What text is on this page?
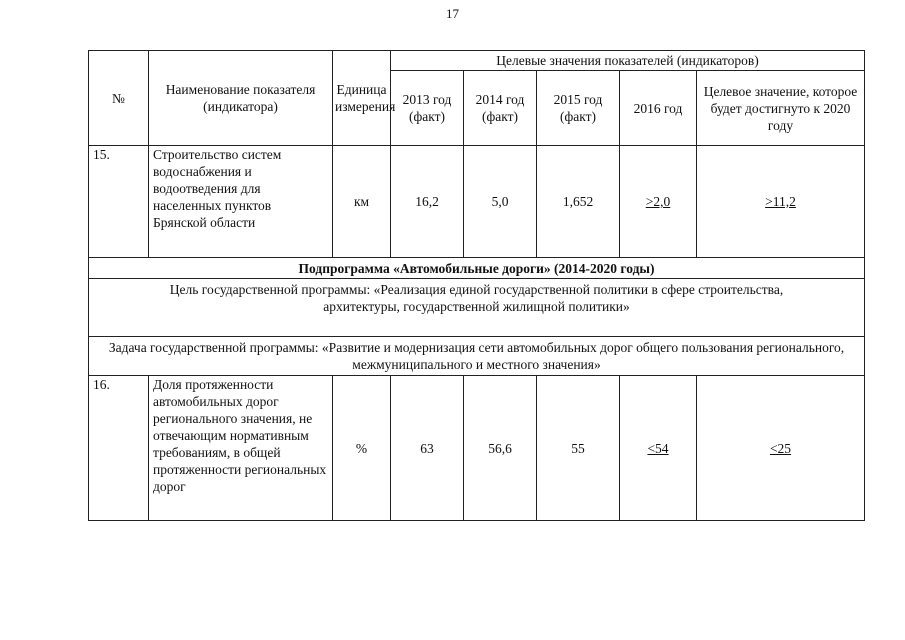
17
№	Наименование показателя (индикатора)	Единица измерения	Целевые значения показателей (индикаторов)				
			2013 год (факт)	2014 год (факт)	2015 год (факт)	2016 год	Целевое значение, которое будет достигнуто к 2020 году
15.	Строительство систем водоснабжения и водоотведения для населенных пунктов Брянской области	км	16,2	5,0	1,652	>2,0	>11,2
Подпрограмма «Автомобильные дороги» (2014-2020 годы)							
Цель государственной программы: «Реализация единой государственной политики в сфере строительства, архитектуры, государственной жилищной политики»							
Задача государственной программы: «Развитие и модернизация сети автомобильных дорог общего пользования регионального, межмуниципального и местного значения»							
16.	Доля протяженности автомобильных дорог регионального значения, не отвечающим нормативным требованиям, в общей протяженности региональных дорог	%	63	56,6	55	<54	<25
